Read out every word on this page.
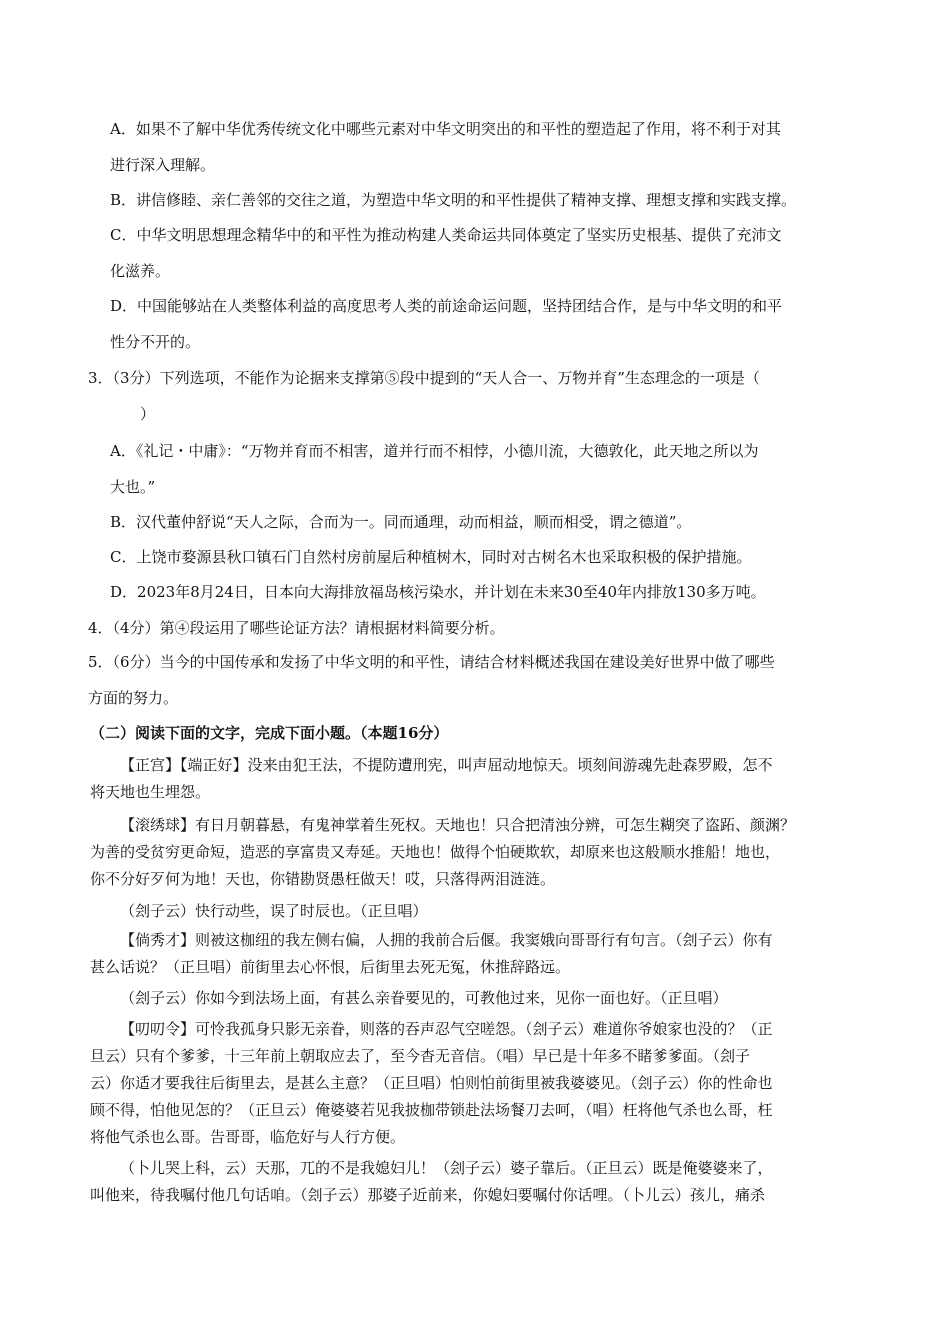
A．如果不了解中华优秀传统文化中哪些元素对中华文明突出的和平性的塑造起了作用，将不利于对其
进行深入理解。
B．讲信修睦、亲仁善邻的交往之道，为塑造中华文明的和平性提供了精神支撑、理想支撑和实践支撑。
C．中华文明思想理念精华中的和平性为推动构建人类命运共同体奠定了坚实历史根基、提供了充沛文
化滋养。
D．中国能够站在人类整体利益的高度思考人类的前途命运问题，坚持团结合作，是与中华文明的和平
性分不开的。
3．（3分）下列选项，不能作为论据来支撑第⑤段中提到的“天人合一、万物并育”生态理念的一项是（
）
A．《礼记・中庸》：“万物并育而不相害，道并行而不相悖，小德川流，大德敦化，此天地之所以为
大也。”
B．汉代董仲舒说“天人之际，合而为一。同而通理，动而相益，顺而相受，谓之德道”。
C．上饶市婺源县秋口镇石门自然村房前屋后种植树木，同时对古树名木也采取积极的保护措施。
D．2023年8月24日，日本向大海排放福岛核污染水，并计划在未来30至40年内排放130多万吨。
4．（4分）第④段运用了哪些论证方法？请根据材料简要分析。
5．（6分）当今的中国传承和发扬了中华文明的和平性，请结合材料概述我国在建设美好世界中做了哪些
方面的努力。
（二）阅读下面的文字，完成下面小题。（本题16分）
【正宫】【端正好】没来由犯王法，不提防遭刑宪，叫声屈动地惊天。顷刻间游魂先赴森罗殿，怎不
将天地也生埋怨。
【滚绣球】有日月朝暮悬，有鬼神掌着生死权。天地也！只合把清浊分辨，可怎生糊突了盗跖、颜渊？
为善的受贫穷更命短，造恶的享富贵又寿延。天地也！做得个怕硬欺软，却原来也这般顺水推船！地也，
你不分好歹何为地！天也，你错勘贤愚枉做天！哎，只落得两泪涟涟。
（刽子云）快行动些，误了时辰也。（正旦唱）
【倘秀才】则被这枷纽的我左侧右偏，人拥的我前合后偃。我窦娥向哥哥行有句言。（刽子云）你有
甚么话说？（正旦唱）前街里去心怀恨，后街里去死无冤，休推辞路远。
（刽子云）你如今到法场上面，有甚么亲眷要见的，可教他过来，见你一面也好。（正旦唱）
【叨叨令】可怜我孤身只影无亲眷，则落的吞声忍气空嗟怨。（刽子云）难道你爷娘家也没的？（正
旦云）只有个爹爹，十三年前上朝取应去了，至今杳无音信。（唱）早已是十年多不睹爹爹面。（刽子
云）你适才要我往后街里去，是甚么主意？（正旦唱）怕则怕前街里被我婆婆见。（刽子云）你的性命也
顾不得，怕他见怎的？（正旦云）俺婆婆若见我披枷带锁赴法场餐刀去呵，（唱）枉将他气杀也么哥，枉
将他气杀也么哥。告哥哥，临危好与人行方便。
（卜儿哭上科，云）天那，兀的不是我媳妇儿！（刽子云）婆子靠后。（正旦云）既是俺婆婆来了，
叫他来，待我嘱付他几句话咱。（刽子云）那婆子近前来，你媳妇要嘱付你话哩。（卜儿云）孩儿，痛杀
